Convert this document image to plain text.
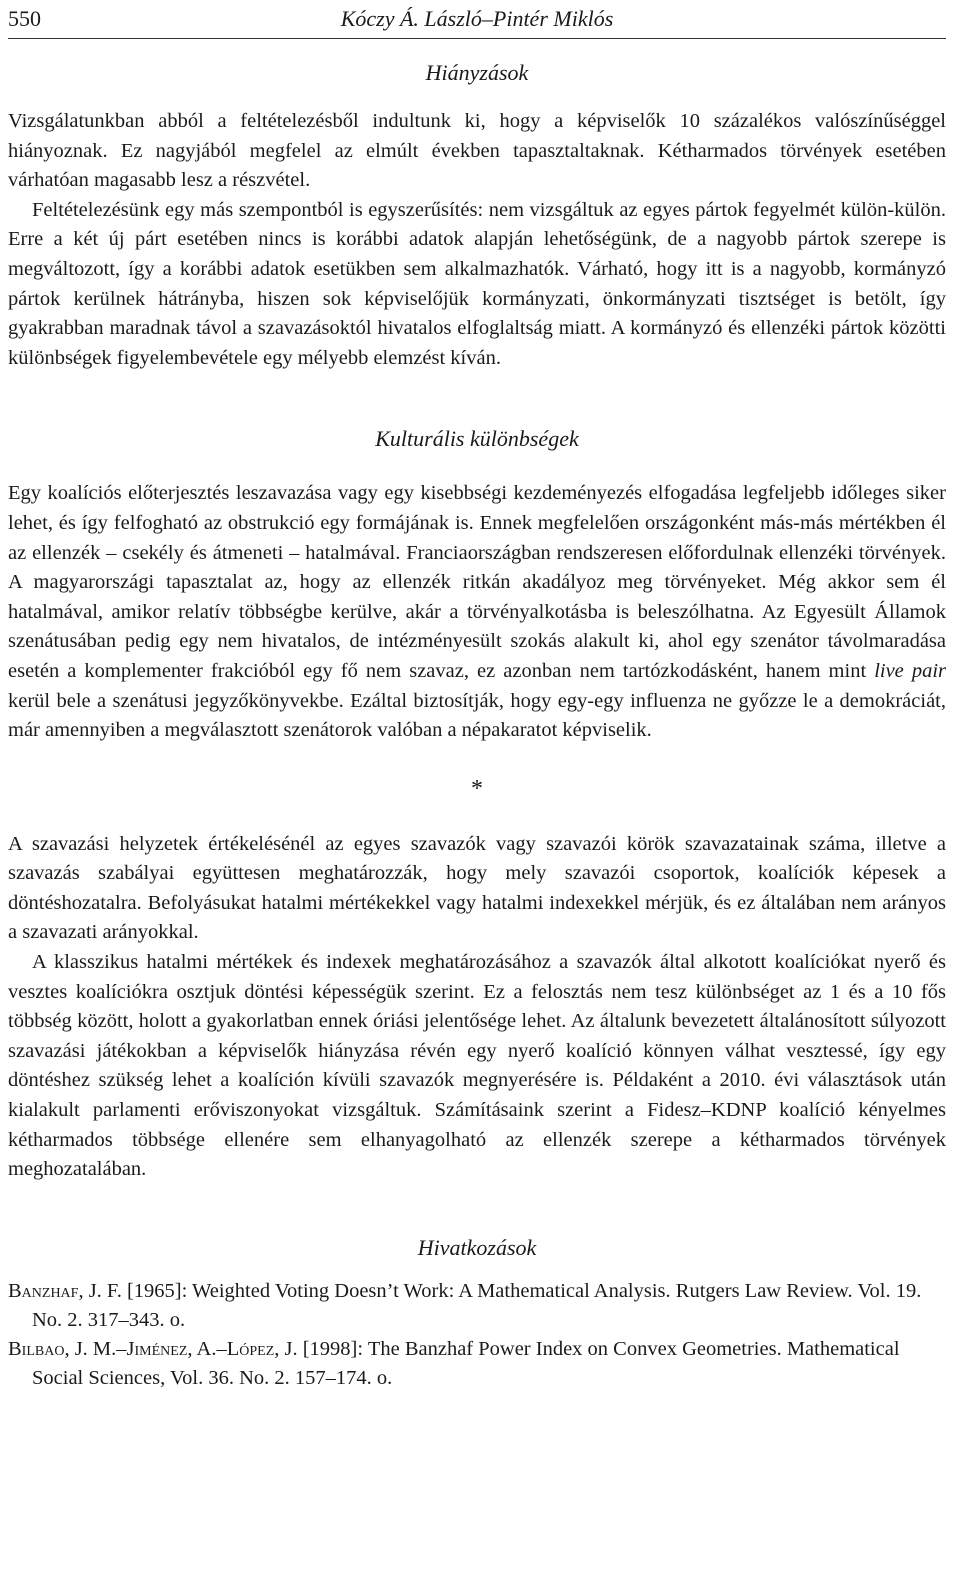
550	Kóczy Á. László–Pintér Miklós
Hiányzások

Vizsgálatunkban abból a feltételezésből indultunk ki, hogy a képviselők 10 százalékos valószínűséggel hiányoznak. Ez nagyjából megfelel az elmúlt években tapasztaltaknak. Kétharmados törvények esetében várhatóan magasabb lesz a részvétel.

Feltételezésünk egy más szempontból is egyszerűsítés: nem vizsgáltuk az egyes pártok fegyelmét külön-külön. Erre a két új párt esetében nincs is korábbi adatok alapján lehetőségünk, de a nagyobb pártok szerepe is megváltozott, így a korábbi adatok esetükben sem alkalmazhatók. Várható, hogy itt is a nagyobb, kormányzó pártok kerülnek hátrányba, hiszen sok képviselőjük kormányzati, önkormányzati tisztséget is betölt, így gyakrabban maradnak távol a szavazásoktól hivatalos elfoglaltság miatt. A kormányzó és ellenzéki pártok közötti különbségek figyelembevétele egy mélyebb elemzést kíván.

Kulturális különbségek

Egy koalíciós előterjesztés leszavazása vagy egy kisebbségi kezdeményezés elfogadása legfeljebb időleges siker lehet, és így felfogható az obstrukció egy formájának is. Ennek megfelelően országonként más-más mértékben él az ellenzék – csekély és átmeneti – hatalmával. Franciaországban rendszeresen előfordulnak ellenzéki törvények. A magyarországi tapasztalat az, hogy az ellenzék ritkán akadályoz meg törvényeket. Még akkor sem él hatalmával, amikor relatív többségbe kerülve, akár a törvényalkotásba is beleszólhatna. Az Egyesült Államok szenátusában pedig egy nem hivatalos, de intézményesült szokás alakult ki, ahol egy szenátor távolmaradása esetén a komplementer frakcióból egy fő nem szavaz, ez azonban nem tartózkodásként, hanem mint live pair kerül bele a szenátusi jegyzőkönyvekbe. Ezáltal biztosítják, hogy egy-egy influenza ne győzze le a demokráciát, már amennyiben a megválasztott szenátorok valóban a népakaratot képviselik.

*

A szavazási helyzetek értékelésénél az egyes szavazók vagy szavazói körök szavazatainak száma, illetve a szavazás szabályai együttesen meghatározzák, hogy mely szavazói csoportok, koalíciók képesek a döntéshozatalra. Befolyásukat hatalmi mértékekkel vagy hatalmi indexekkel mérjük, és ez általában nem arányos a szavazati arányokkal.

A klasszikus hatalmi mértékek és indexek meghatározásához a szavazók által alkotott koalíciókat nyerő és vesztes koalíciókra osztjuk döntési képességük szerint. Ez a felosztás nem tesz különbséget az 1 és a 10 fős többség között, holott a gyakorlatban ennek óriási jelentősége lehet. Az általunk bevezetett általánosított súlyozott szavazási játékokban a képviselők hiányzása révén egy nyerő koalíció könnyen válhat vesztessé, így egy döntéshez szükség lehet a koalíción kívüli szavazók megnyerésére is. Példaként a 2010. évi választások után kialakult parlamenti erőviszonyokat vizsgáltuk. Számításaink szerint a Fidesz–KDNP koalíció kényelmes kétharmados többsége ellenére sem elhanyagolható az ellenzék szerepe a kétharmados törvények meghozatalában.

Hivatkozások

Banzhaf, J. F. [1965]: Weighted Voting Doesn’t Work: A Mathematical Analysis. Rutgers Law Review. Vol. 19. No. 2. 317–343. o.

Bilbao, J. M.–Jiménez, A.–López, J. [1998]: The Banzhaf Power Index on Convex Geometries. Mathematical Social Sciences, Vol. 36. No. 2. 157–174. o.
